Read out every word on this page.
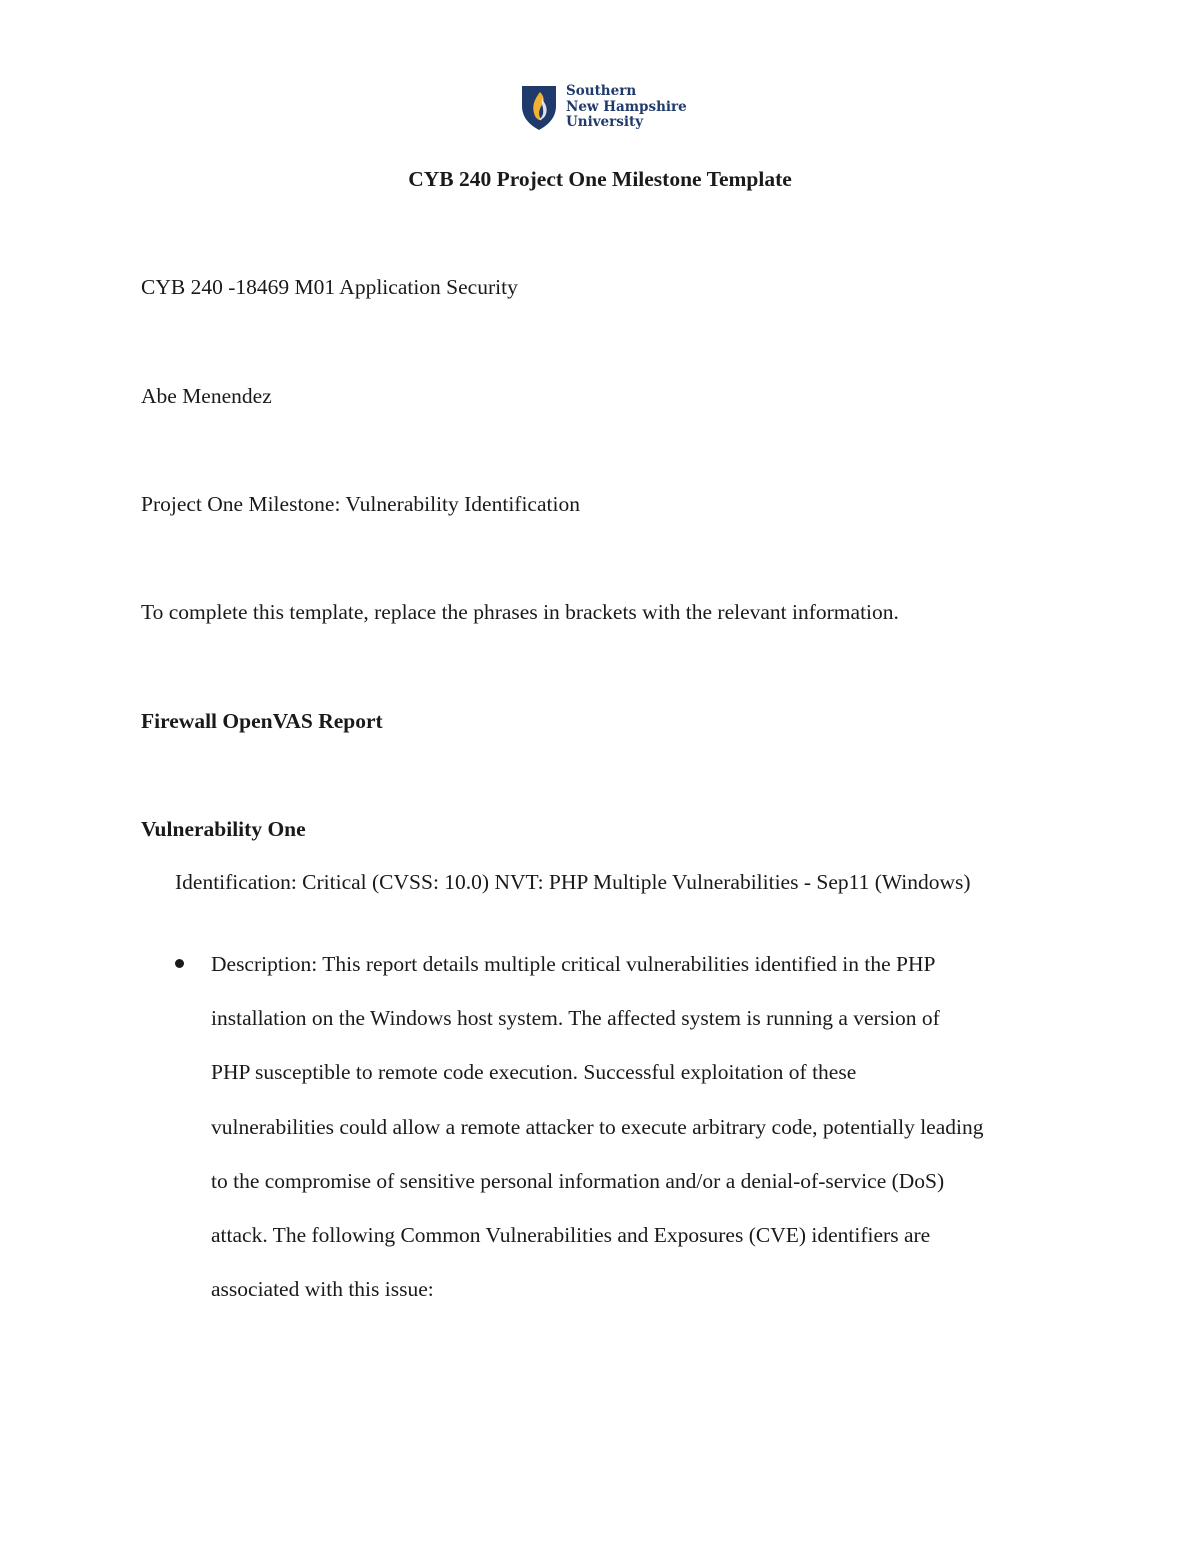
Southern
New Hampshire
University
CYB 240 Project One Milestone Template
CYB 240 -18469 M01 Application Security
Abe Menendez
Project One Milestone: Vulnerability Identification
To complete this template, replace the phrases in brackets with the relevant information.
Firewall OpenVAS Report
Vulnerability One
Identification: Critical (CVSS: 10.0) NVT: PHP Multiple Vulnerabilities - Sep11 (Windows)
Description: This report details multiple critical vulnerabilities identified in the PHP
installation on the Windows host system. The affected system is running a version of
PHP susceptible to remote code execution. Successful exploitation of these
vulnerabilities could allow a remote attacker to execute arbitrary code, potentially leading
to the compromise of sensitive personal information and/or a denial-of-service (DoS)
attack. The following Common Vulnerabilities and Exposures (CVE) identifiers are
associated with this issue:
